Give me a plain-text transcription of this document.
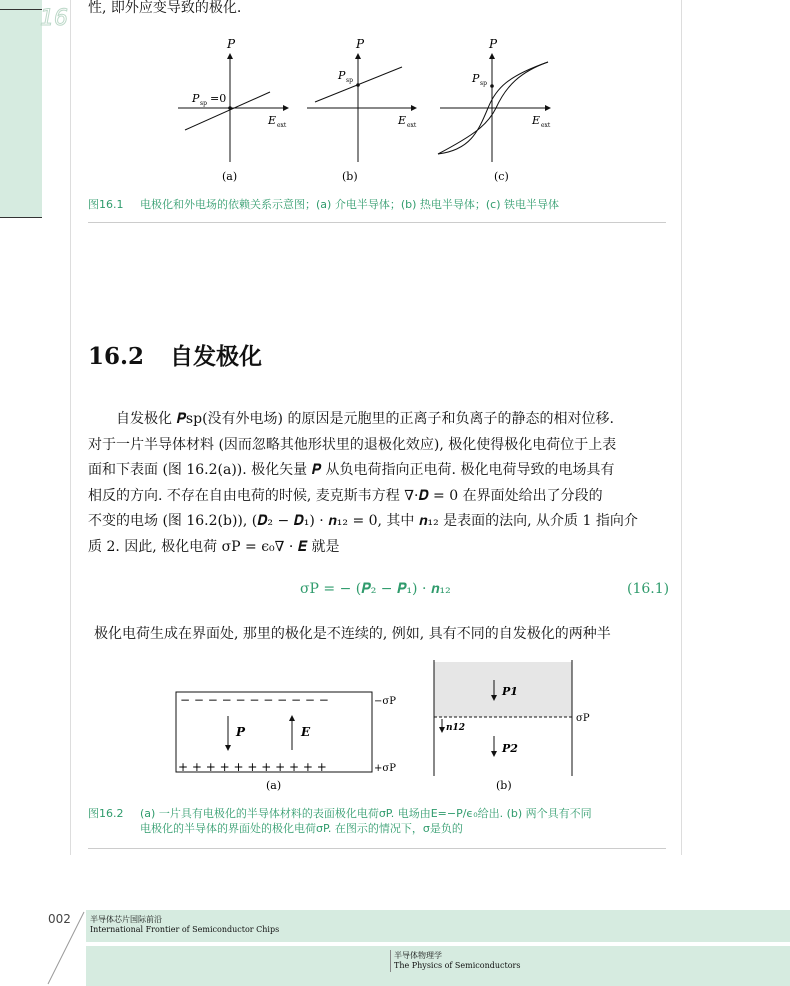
16 性, 即外应变导致的极化.
P
E ext
P sp =0
(a)
P
E ext
P sp
(b)
P
E ext
P sp
(c)
图16.1 电极化和外电场的依赖关系示意图；(a) 介电半导体；(b) 热电半导体；(c) 铁电半导体
16.2 自发极化
自发极化 𝑷sp(没有外电场) 的原因是元胞里的正离子和负离子的静态的相对位移.
对于一片半导体材料 (因而忽略其他形状里的退极化效应), 极化使得极化电荷位于上表
面和下表面 (图 16.2(a)). 极化矢量 𝑷 从负电荷指向正电荷. 极化电荷导致的电场具有
相反的方向. 不存在自由电荷的时候, 麦克斯韦方程 ∇·𝑫 = 0 在界面处给出了分段的
不变的电场 (图 16.2(b)), (𝑫₂ − 𝑫₁) · 𝒏₁₂ = 0, 其中 𝒏₁₂ 是表面的法向, 从介质 1 指向介
质 2. 因此, 极化电荷 σP = ϵ₀∇ · 𝑬 就是
σP = − (𝑷₂ − 𝑷₁) · 𝒏₁₂	(16.1)
极化电荷生成在界面处, 那里的极化是不连续的, 例如, 具有不同的自发极化的两种半
− − − − − − − − − − −
+ + + + + + + + + + +
−σP
+σP
P	E
(a)
P1
P2
n12
σP
(b)
图16.2 (a) 一片具有电极化的半导体材料的表面极化电荷σP. 电场由E=−P/ϵ₀给出. (b) 两个具有不同
电极化的半导体的界面处的极化电荷σP. 在图示的情况下，σ是负的
002 半导体芯片国际前沿
International Frontier of Semiconductor Chips
半导体物理学
The Physics of Semiconductors
